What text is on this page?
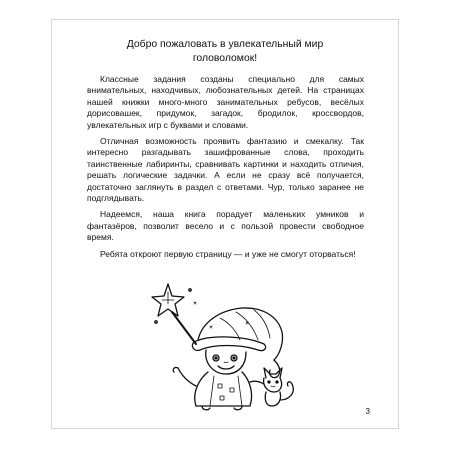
Добро пожаловать в увлекательный мир
головоломок!

Классные задания созданы специально для самых внимательных, находчивых, любознательных детей. На страницах нашей книжки много-много занимательных ребусов, весёлых дорисовашек, придумок, загадок, бродилок, кроссвордов, увлекательных игр с буквами и словами.

Отличная возможность проявить фантазию и смекалку. Так интересно разгадывать зашифрованные слова, проходить таинственные лабиринты, сравнивать картинки и находить отличия, решать логические задачки. А если не сразу всё получается, достаточно заглянуть в раздел с ответами. Чур, только заранее не подглядывать.

Надеемся, наша книга порадует маленьких умников и фантазёров, позволит весело и с пользой провести свободное время.

Ребята откроют первую страницу — и уже не смогут оторваться!

3
